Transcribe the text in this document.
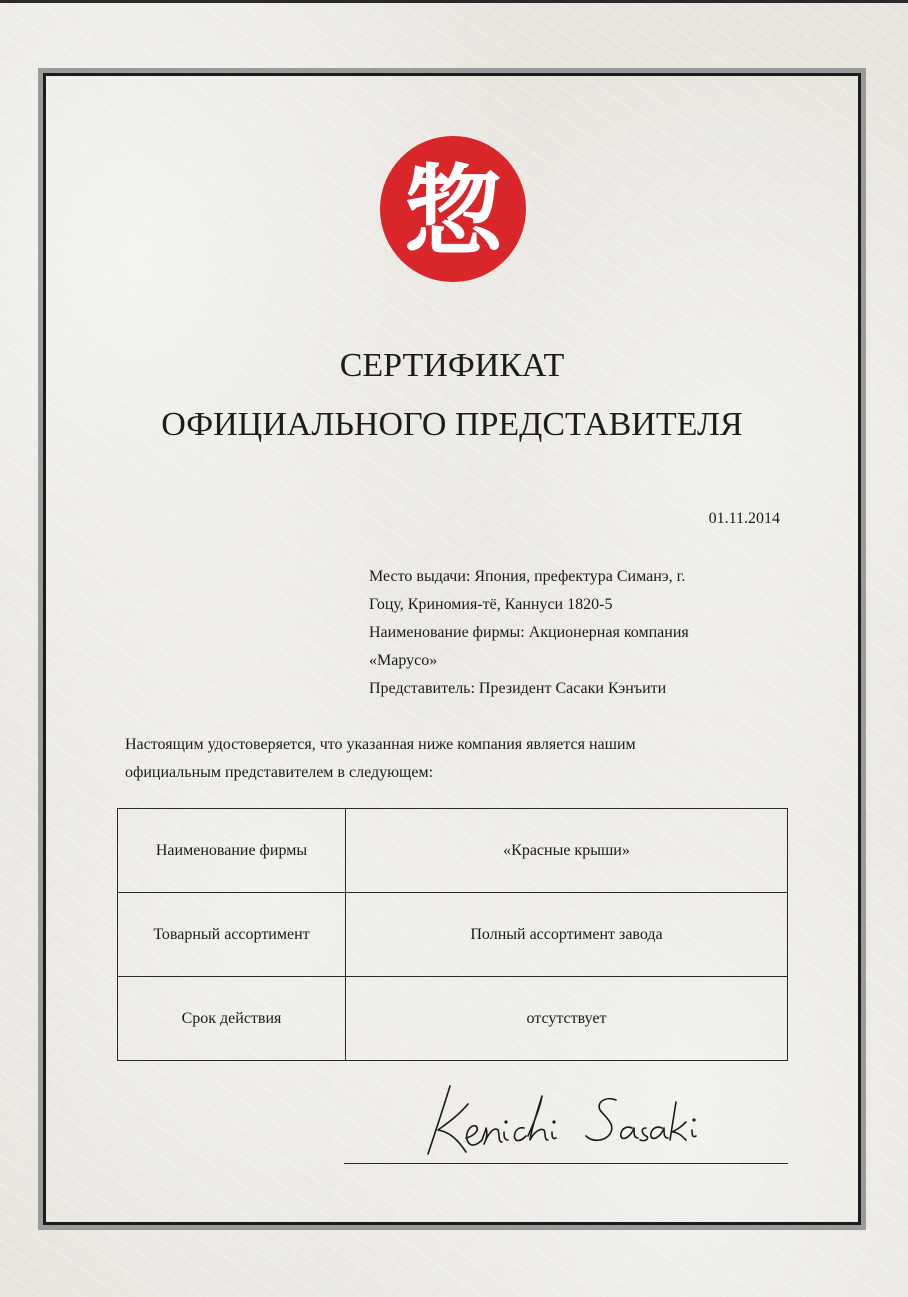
惣
СЕРТИФИКАТ
ОФИЦИАЛЬНОГО ПРЕДСТАВИТЕЛЯ
01.11.2014
Место выдачи: Япония, префектура Симанэ, г.
Гоцу, Криномия-тё, Каннуси 1820-5
Наименование фирмы: Акционерная компания
«Марусо»
Представитель: Президент Сасаки Кэнъити
Настоящим удостоверяется, что указанная ниже компания является нашим
официальным представителем в следующем:
Наименование фирмы	«Красные крыши»
Товарный ассортимент	Полный ассортимент завода
Срок действия	отсутствует
